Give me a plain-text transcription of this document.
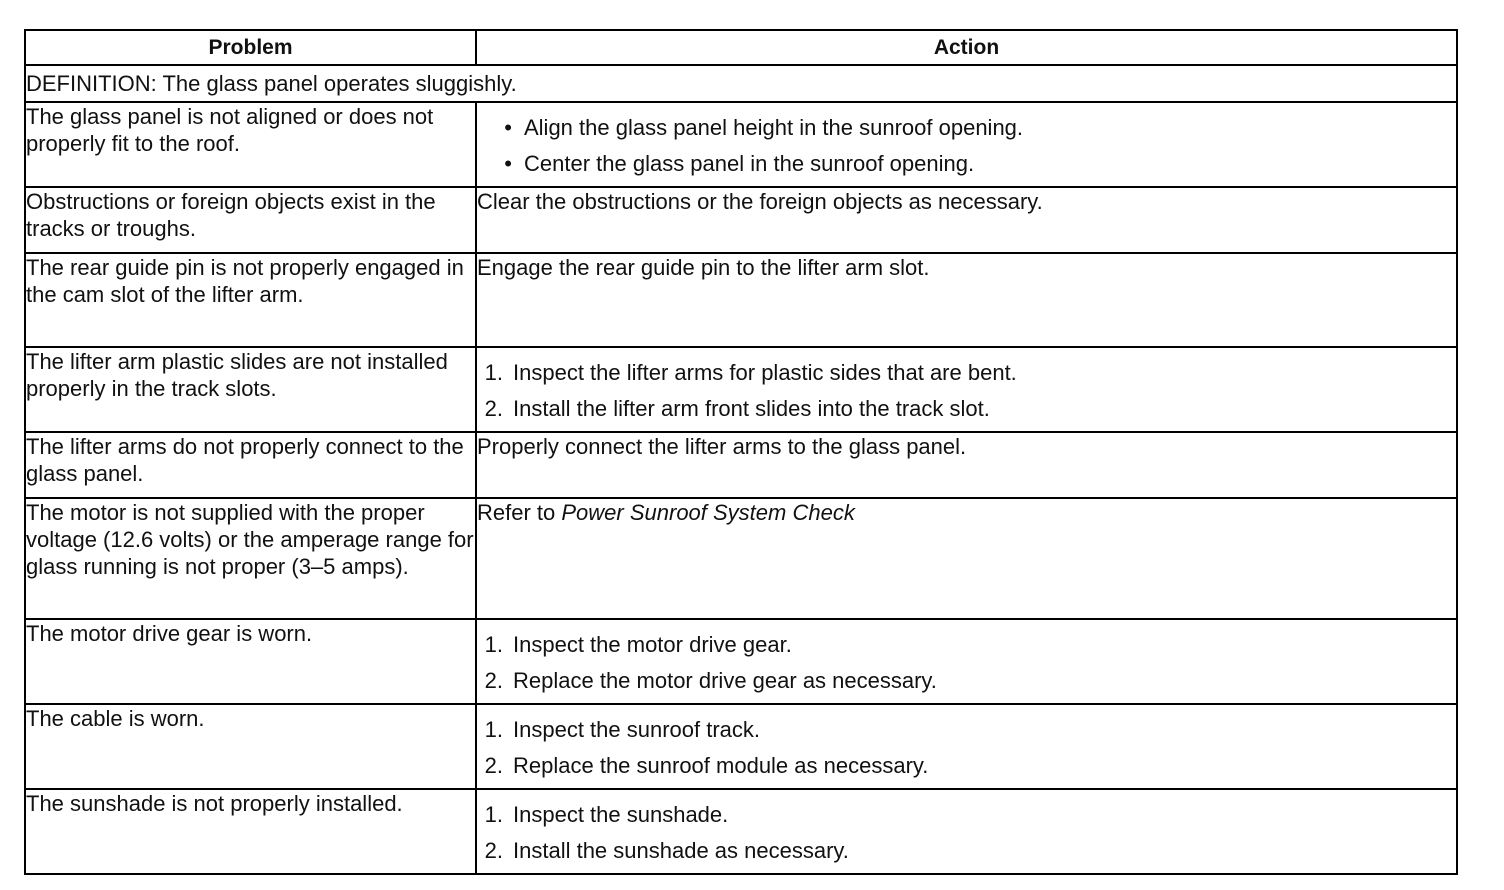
Problem	Action
DEFINITION: The glass panel operates sluggishly.	
The glass panel is not aligned or does not properly fit to the roof.	• Align the glass panel height in the sunroof opening.
• Center the glass panel in the sunroof opening.

Obstructions or foreign objects exist in the tracks or troughs.	Clear the obstructions or the foreign objects as necessary.
The rear guide pin is not properly engaged in the cam slot of the lifter arm.	Engage the rear guide pin to the lifter arm slot.
The lifter arm plastic slides are not installed properly in the track slots.	1. Inspect the lifter arms for plastic sides that are bent.
2. Install the lifter arm front slides into the track slot.

The lifter arms do not properly connect to the glass panel.	Properly connect the lifter arms to the glass panel.
The motor is not supplied with the proper voltage (12.6 volts) or the amperage range for glass running is not proper (3–5 amps).	Refer to Power Sunroof System Check
The motor drive gear is worn.	1. Inspect the motor drive gear.
2. Replace the motor drive gear as necessary.

The cable is worn.	1. Inspect the sunroof track.
2. Replace the sunroof module as necessary.

The sunshade is not properly installed.	1. Inspect the sunshade.
2. Install the sunshade as necessary.
